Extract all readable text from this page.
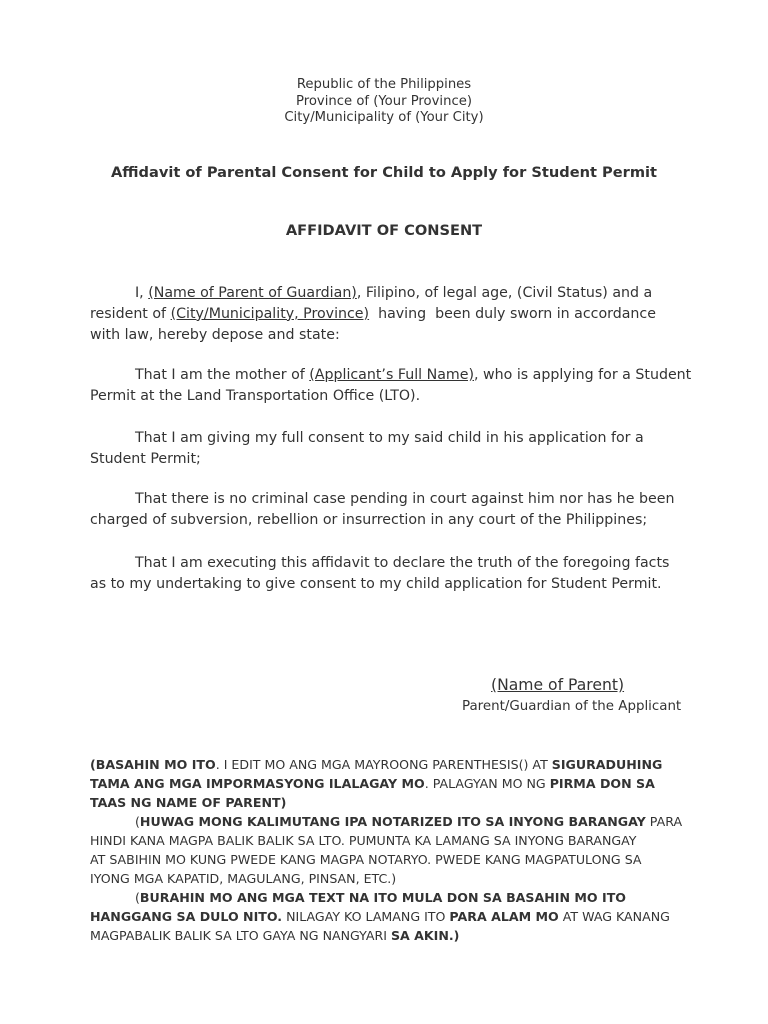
Republic of the Philippines
Province of (Your Province)
City/Municipality of (Your City)
Affidavit of Parental Consent for Child to Apply for Student Permit
AFFIDAVIT OF CONSENT
I, (Name of Parent of Guardian), Filipino, of legal age, (Civil Status) and a
resident of (City/Municipality, Province)  having  been duly sworn in accordance
with law, hereby depose and state:
That I am the mother of (Applicant’s Full Name), who is applying for a Student
Permit at the Land Transportation Office (LTO).
That I am giving my full consent to my said child in his application for a
Student Permit;
That there is no criminal case pending in court against him nor has he been
charged of subversion, rebellion or insurrection in any court of the Philippines;
That I am executing this affidavit to declare the truth of the foregoing facts
as to my undertaking to give consent to my child application for Student Permit.
(Name of Parent)
Parent/Guardian of the Applicant
(BASAHIN MO ITO. I EDIT MO ANG MGA MAYROONG PARENTHESIS() AT SIGURADUHING
TAMA ANG MGA IMPORMASYONG ILALAGAY MO. PALAGYAN MO NG PIRMA DON SA
TAAS NG NAME OF PARENT)
(HUWAG MONG KALIMUTANG IPA NOTARIZED ITO SA INYONG BARANGAY PARA
HINDI KANA MAGPA BALIK BALIK SA LTO. PUMUNTA KA LAMANG SA INYONG BARANGAY
AT SABIHIN MO KUNG PWEDE KANG MAGPA NOTARYO. PWEDE KANG MAGPATULONG SA
IYONG MGA KAPATID, MAGULANG, PINSAN, ETC.)
(BURAHIN MO ANG MGA TEXT NA ITO MULA DON SA BASAHIN MO ITO
HANGGANG SA DULO NITO. NILAGAY KO LAMANG ITO PARA ALAM MO AT WAG KANANG
MAGPABALIK BALIK SA LTO GAYA NG NANGYARI SA AKIN.)
